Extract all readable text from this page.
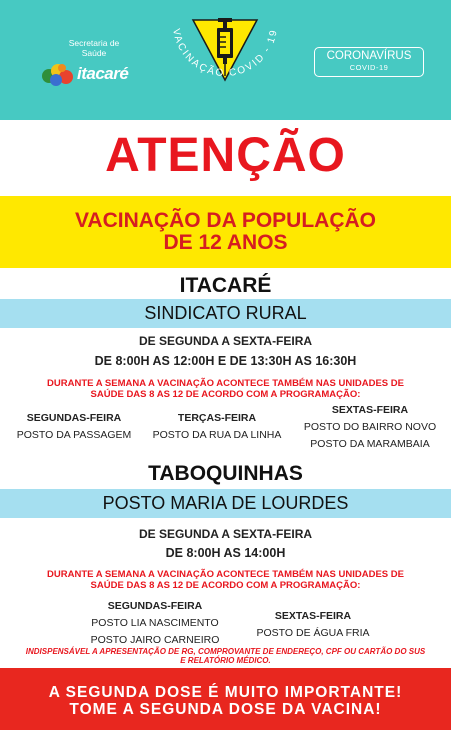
Secretaria de Saúde
itacaré
VACINAÇÃO COVID - 19
CORONAVÍRUS
COVID-19
ATENÇÃO
VACINAÇÃO DA POPULAÇÃO
DE 12 ANOS
ITACARÉ
SINDICATO RURAL
DE SEGUNDA A SEXTA-FEIRA
DE 8:00H AS 12:00H E DE 13:30H AS 16:30H
DURANTE A SEMANA A VACINAÇÃO ACONTECE TAMBÉM NAS UNIDADES DE
SAÚDE DAS 8 AS 12 DE ACORDO COM A PROGRAMAÇÃO:
SEGUNDAS-FEIRA
POSTO DA PASSAGEM
TERÇAS-FEIRA
POSTO DA RUA DA LINHA
SEXTAS-FEIRA
POSTO DO BAIRRO NOVO
POSTO DA MARAMBAIA
TABOQUINHAS
POSTO MARIA DE LOURDES
DE SEGUNDA A SEXTA-FEIRA
DE 8:00H AS 14:00H
DURANTE A SEMANA A VACINAÇÃO ACONTECE TAMBÉM NAS UNIDADES DE
SAÚDE DAS 8 AS 12 DE ACORDO COM A PROGRAMAÇÃO:
SEGUNDAS-FEIRA
POSTO LIA NASCIMENTO
POSTO JAIRO CARNEIRO
SEXTAS-FEIRA
POSTO DE ÁGUA FRIA
INDISPENSÁVEL A APRESENTAÇÃO DE RG, COMPROVANTE DE ENDEREÇO, CPF OU CARTÃO DO SUS
E RELATÓRIO MÉDICO.
A SEGUNDA DOSE É MUITO IMPORTANTE!
TOME A SEGUNDA DOSE DA VACINA!
